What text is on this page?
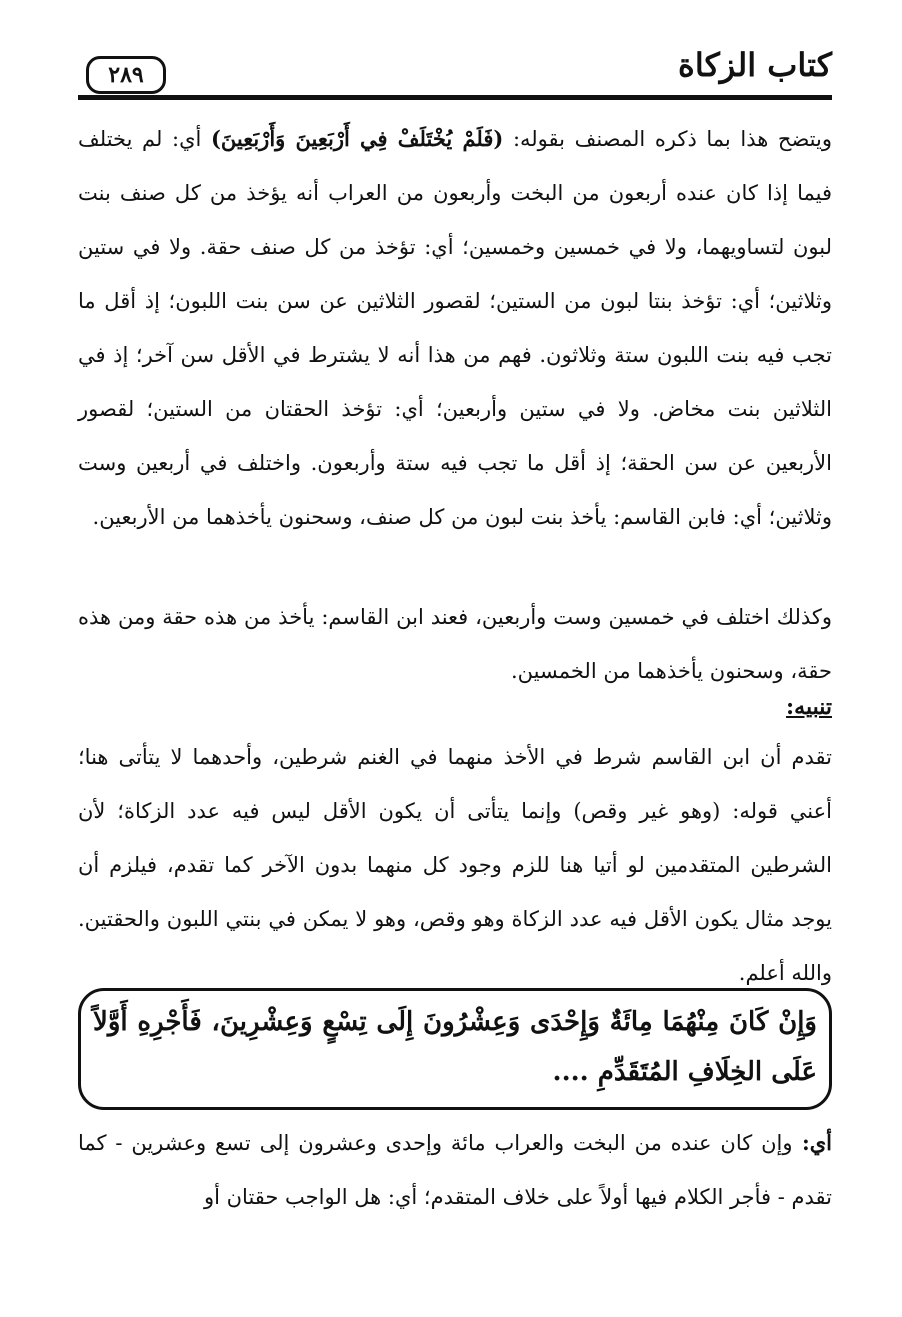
كتاب الزكاة
٢٨٩
ويتضح هذا بما ذكره المصنف بقوله: (فَلَمْ يُخْتَلَفْ فِي أَرْبَعِينَ وَأَرْبَعِينَ) أي: لم يختلف فيما إذا كان عنده أربعون من البخت وأربعون من العراب أنه يؤخذ من كل صنف بنت لبون لتساويهما، ولا في خمسين وخمسين؛ أي: تؤخذ من كل صنف حقة. ولا في ستين وثلاثين؛ أي: تؤخذ بنتا لبون من الستين؛ لقصور الثلاثين عن سن بنت اللبون؛ إذ أقل ما تجب فيه بنت اللبون ستة وثلاثون. فهم من هذا أنه لا يشترط في الأقل سن آخر؛ إذ في الثلاثين بنت مخاض. ولا في ستين وأربعين؛ أي: تؤخذ الحقتان من الستين؛ لقصور الأربعين عن سن الحقة؛ إذ أقل ما تجب فيه ستة وأربعون. واختلف في أربعين وست وثلاثين؛ أي: فابن القاسم: يأخذ بنت لبون من كل صنف، وسحنون يأخذهما من الأربعين.
وكذلك اختلف في خمسين وست وأربعين، فعند ابن القاسم: يأخذ من هذه حقة ومن هذه حقة، وسحنون يأخذهما من الخمسين.
تنبيه:
تقدم أن ابن القاسم شرط في الأخذ منهما في الغنم شرطين، وأحدهما لا يتأتى هنا؛ أعني قوله: (وهو غير وقص) وإنما يتأتى أن يكون الأقل ليس فيه عدد الزكاة؛ لأن الشرطين المتقدمين لو أتيا هنا للزم وجود كل منهما بدون الآخر كما تقدم، فيلزم أن يوجد مثال يكون الأقل فيه عدد الزكاة وهو وقص، وهو لا يمكن في بنتي اللبون والحقتين. والله أعلم.
وَإِنْ كَانَ مِنْهُمَا مِائَةٌ وَإِحْدَى وَعِشْرُونَ إِلَى تِسْعٍ وَعِشْرِينَ، فَأَجْرِهِ أَوَّلاً عَلَى الخِلَافِ المُتَقَدِّمِ ....
أي: وإن كان عنده من البخت والعراب مائة وإحدى وعشرون إلى تسع وعشرين - كما تقدم - فأجر الكلام فيها أولاً على خلاف المتقدم؛ أي: هل الواجب حقتان أو
